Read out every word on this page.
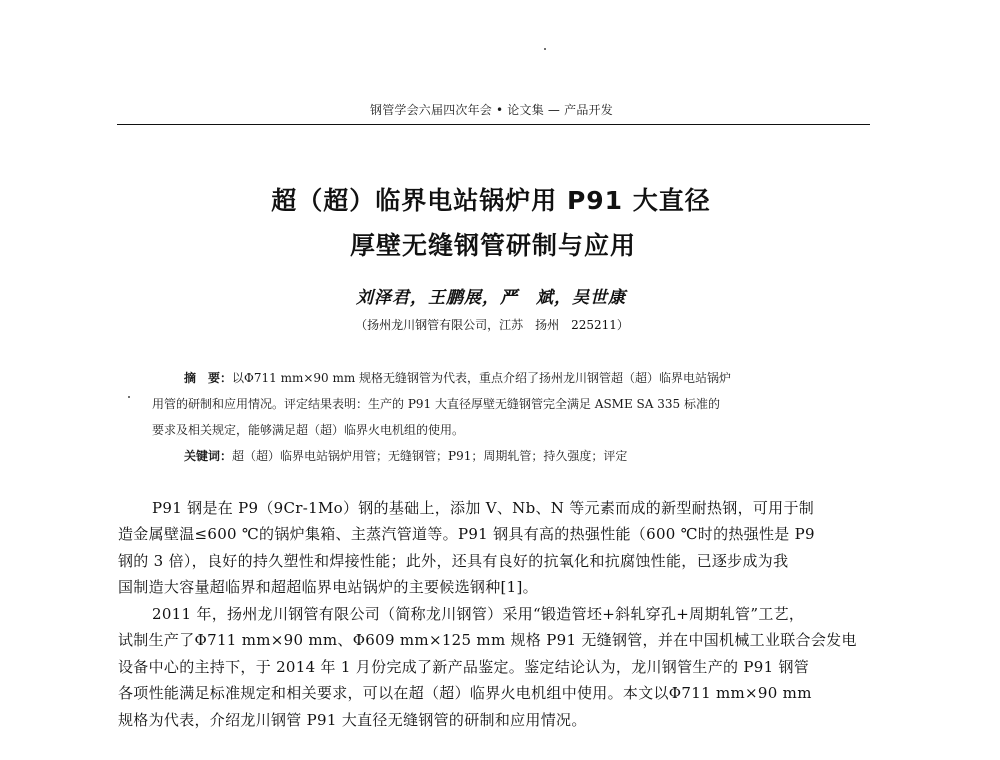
钢管学会六届四次年会 • 论文集 — 产品开发
超（超）临界电站锅炉用 P91 大直径
厚壁无缝钢管研制与应用
刘泽君，王鹏展，严　斌，吴世康
（扬州龙川钢管有限公司，江苏　扬州　225211）
摘　要：以Φ711 mm×90 mm 规格无缝钢管为代表，重点介绍了扬州龙川钢管超（超）临界电站锅炉
用管的研制和应用情况。评定结果表明：生产的 P91 大直径厚壁无缝钢管完全满足 ASME SA 335 标准的
要求及相关规定，能够满足超（超）临界火电机组的使用。
关键词：超（超）临界电站锅炉用管；无缝钢管；P91；周期轧管；持久强度；评定
P91 钢是在 P9（9Cr-1Mo）钢的基础上，添加 V、Nb、N 等元素而成的新型耐热钢，可用于制
造金属壁温≤600 ℃的锅炉集箱、主蒸汽管道等。P91 钢具有高的热强性能（600 ℃时的热强性是 P9
钢的 3 倍），良好的持久塑性和焊接性能；此外，还具有良好的抗氧化和抗腐蚀性能，已逐步成为我
国制造大容量超临界和超超临界电站锅炉的主要候选钢种[1]。
2011 年，扬州龙川钢管有限公司（简称龙川钢管）采用“锻造管坯+斜轧穿孔+周期轧管”工艺，
试制生产了Φ711 mm×90 mm、Φ609 mm×125 mm 规格 P91 无缝钢管，并在中国机械工业联合会发电
设备中心的主持下，于 2014 年 1 月份完成了新产品鉴定。鉴定结论认为，龙川钢管生产的 P91 钢管
各项性能满足标准规定和相关要求，可以在超（超）临界火电机组中使用。本文以Φ711 mm×90 mm
规格为代表，介绍龙川钢管 P91 大直径无缝钢管的研制和应用情况。
